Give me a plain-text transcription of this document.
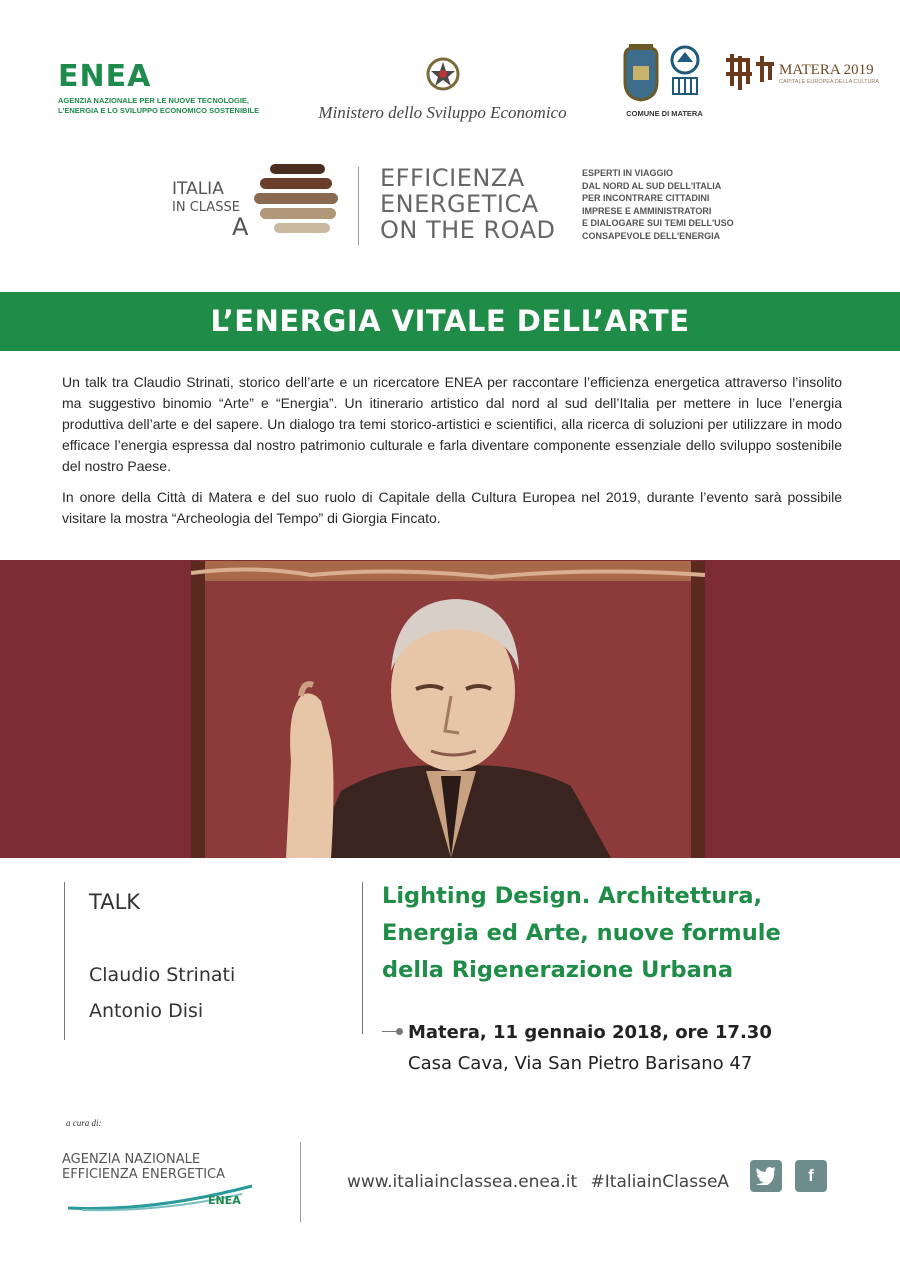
ENEA
AGENZIA NAZIONALE PER LE NUOVE TECNOLOGIE,
L'ENERGIA E LO SVILUPPO ECONOMICO SOSTENIBILE	Ministero dello Sviluppo Economico	COMUNE DI MATERA
MATERA 2019
CAPITALE EUROPEA DELLA CULTURA
ITALIA
IN CLASSE
A
EFFICIENZA
ENERGETICA
ON THE ROAD
ESPERTI IN VIAGGIO
DAL NORD AL SUD DELL'ITALIA
PER INCONTRARE CITTADINI
IMPRESE E AMMINISTRATORI
E DIALOGARE SUI TEMI DELL'USO
CONSAPEVOLE DELL'ENERGIA
L’ENERGIA VITALE DELL’ARTE

Un talk tra Claudio Strinati, storico dell’arte e un ricercatore ENEA per raccontare l’efficienza energetica attraverso l’insolito ma suggestivo binomio “Arte” e “Energia”. Un itinerario artistico dal nord al sud dell’Italia per mettere in luce l’energia produttiva dell’arte e del sapere. Un dialogo tra temi storico-artistici e scientifici, alla ricerca di soluzioni per utilizzare in modo efficace l’energia espressa dal nostro patrimonio culturale e farla diventare componente essenziale dello sviluppo sostenibile del nostro Paese.

In onore della Città di Matera e del suo ruolo di Capitale della Cultura Europea nel 2019, durante l’evento sarà possibile visitare la mostra “Archeologia del Tempo” di Giorgia Fincato.

TALK
Claudio Strinati
Antonio Disi
Lighting Design. Architettura,
Energia ed Arte, nuove formule
della Rigenerazione Urbana
Matera, 11 gennaio 2018, ore 17.30
Casa Cava, Via San Pietro Barisano 47
a cura di:
AGENZIA NAZIONALE
EFFICIENZA ENERGETICA
ENEA
www.italiainclassea.enea.it #ItaliainClasseA	f
